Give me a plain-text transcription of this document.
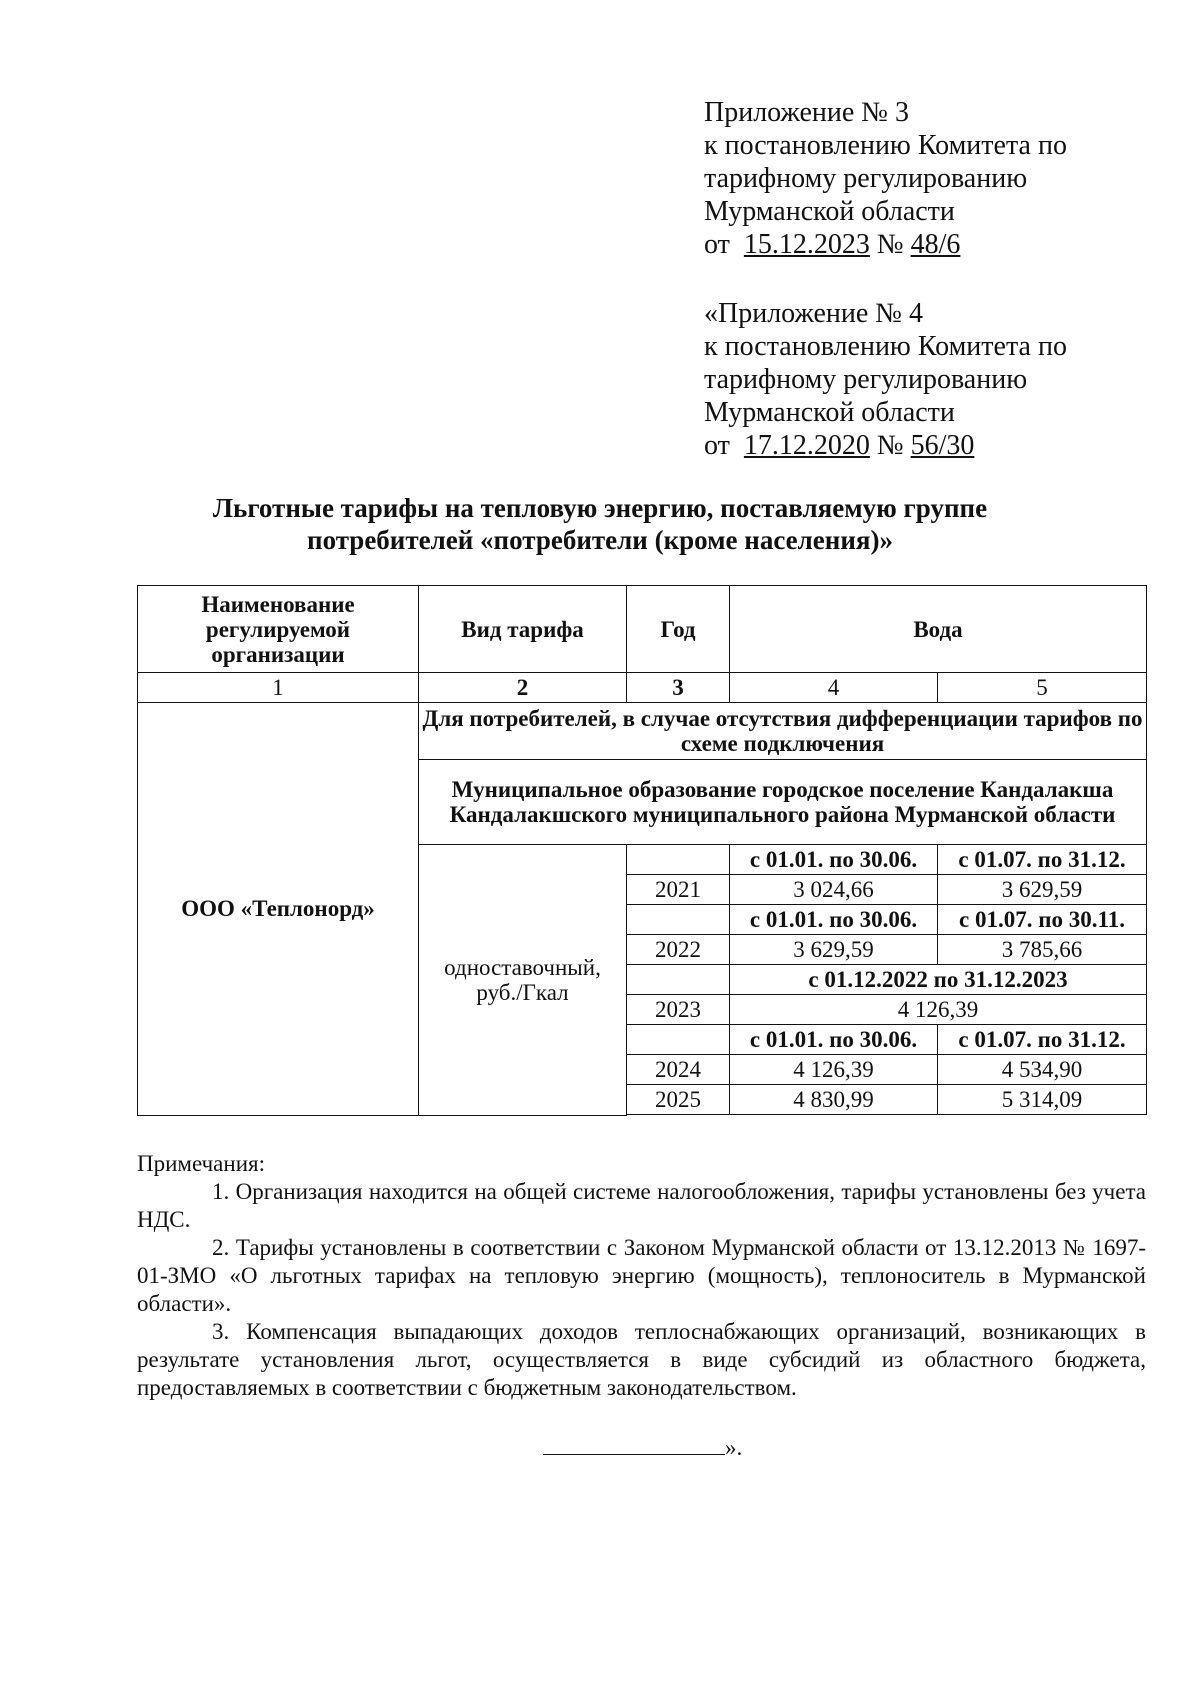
Приложение № 3
к постановлению Комитета по
тарифному регулированию
Мурманской области
от 15.12.2023 № 48/6
«Приложение № 4
к постановлению Комитета по
тарифному регулированию
Мурманской области
от 17.12.2020 № 56/30
Льготные тарифы на тепловую энергию, поставляемую группе
потребителей «потребители (кроме населения)»
Наименование регулируемой организации	Вид тарифа	Год	Вода	
1	2	3	4	5
ООО «Теплонорд»	Для потребителей, в случае отсутствия дифференциации тарифов по схеме подключения			
	Муниципальное образование городское поселение Кандалакша Кандалакшского муниципального района Мурманской области			
	одноставочный, руб./Гкал		с 01.01. по 30.06.	с 01.07. по 31.12.
		2021	3 024,66	3 629,59
			с 01.01. по 30.06.	с 01.07. по 30.11.
		2022	3 629,59	3 785,66
			с 01.12.2022 по 31.12.2023	
		2023	4 126,39	
			с 01.01. по 30.06.	с 01.07. по 31.12.
		2024	4 126,39	4 534,90
		2025	4 830,99	5 314,09

Примечания:

1. Организация находится на общей системе налогообложения, тарифы установлены без учета НДС.

2. Тарифы установлены в соответствии с Законом Мурманской области от 13.12.2013 № 1697-01-ЗМО «О льготных тарифах на тепловую энергию (мощность), теплоноситель в Мурманской области».

3. Компенсация выпадающих доходов теплоснабжающих организаций, возникающих в результате установления льгот, осуществляется в виде субсидий из областного бюджета, предоставляемых в соответствии с бюджетным законодательством.

».
